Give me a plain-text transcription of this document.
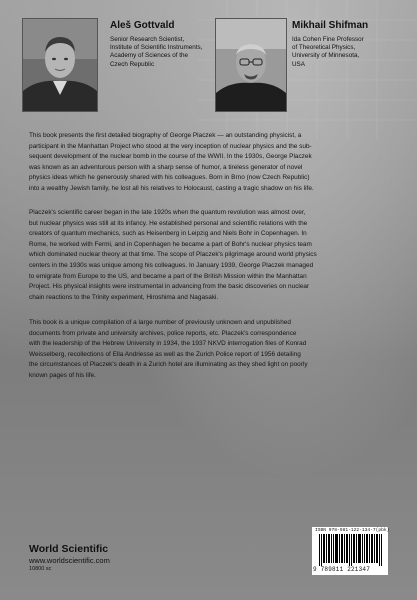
Aleš Gottvald
Senior Research Scientist,
Institute of Scientific Instruments,
Academy of Sciences of the
Czech Republic
Mikhail Shifman
Ida Cohen Fine Professor
of Theoretical Physics,
University of Minnesota,
USA
This book presents the first detailed biography of George Placzek — an outstanding physicist, a
participant in the Manhattan Project who stood at the very inception of nuclear physics and the sub-
sequent development of the nuclear bomb in the course of the WWII. In the 1930s, George Placzek
was known as an adventurous person with a sharp sense of humor, a tireless generator of novel
physics ideas which he generously shared with his colleagues. Born in Brno (now Czech Republic)
into a wealthy Jewish family, he lost all his relatives to Holocaust, casting a tragic shadow on his life.
Placzek's scientific career began in the late 1920s when the quantum revolution was almost over,
but nuclear physics was still at its infancy. He established personal and scientific relations with the
creators of quantum mechanics, such as Heisenberg in Leipzig and Niels Bohr in Copenhagen. In
Rome, he worked with Fermi, and in Copenhagen he became a part of Bohr's nuclear physics team
which dominated nuclear theory at that time. The scope of Placzek's pilgrimage around world physics
centers in the 1930s was unique among his colleagues. In January 1939, George Placzek managed
to emigrate from Europe to the US, and became a part of the British Mission within the Manhattan
Project. His physical insights were instrumental in advancing from the basic discoveries on nuclear
chain reactions to the Trinity experiment, Hiroshima and Nagasaki.
This book is a unique compilation of a large number of previously unknown and unpublished
documents from private and university archives, police reports, etc. Placzek's correspondence
with the leadership of the Hebrew University in 1934, the 1937 NKVD interrogation files of Konrad
Weisselberg, recollections of Ella Andriesse as well as the Zurich Police report of 1956 detailing
the circumstances of Placzek's death in a Zurich hotel are illuminating as they shed light on poorly
known pages of his life.
World Scientific
www.worldscientific.com
10800 sc
ISBN 978-981-122-134-7(pbk)
9 789811 221347
